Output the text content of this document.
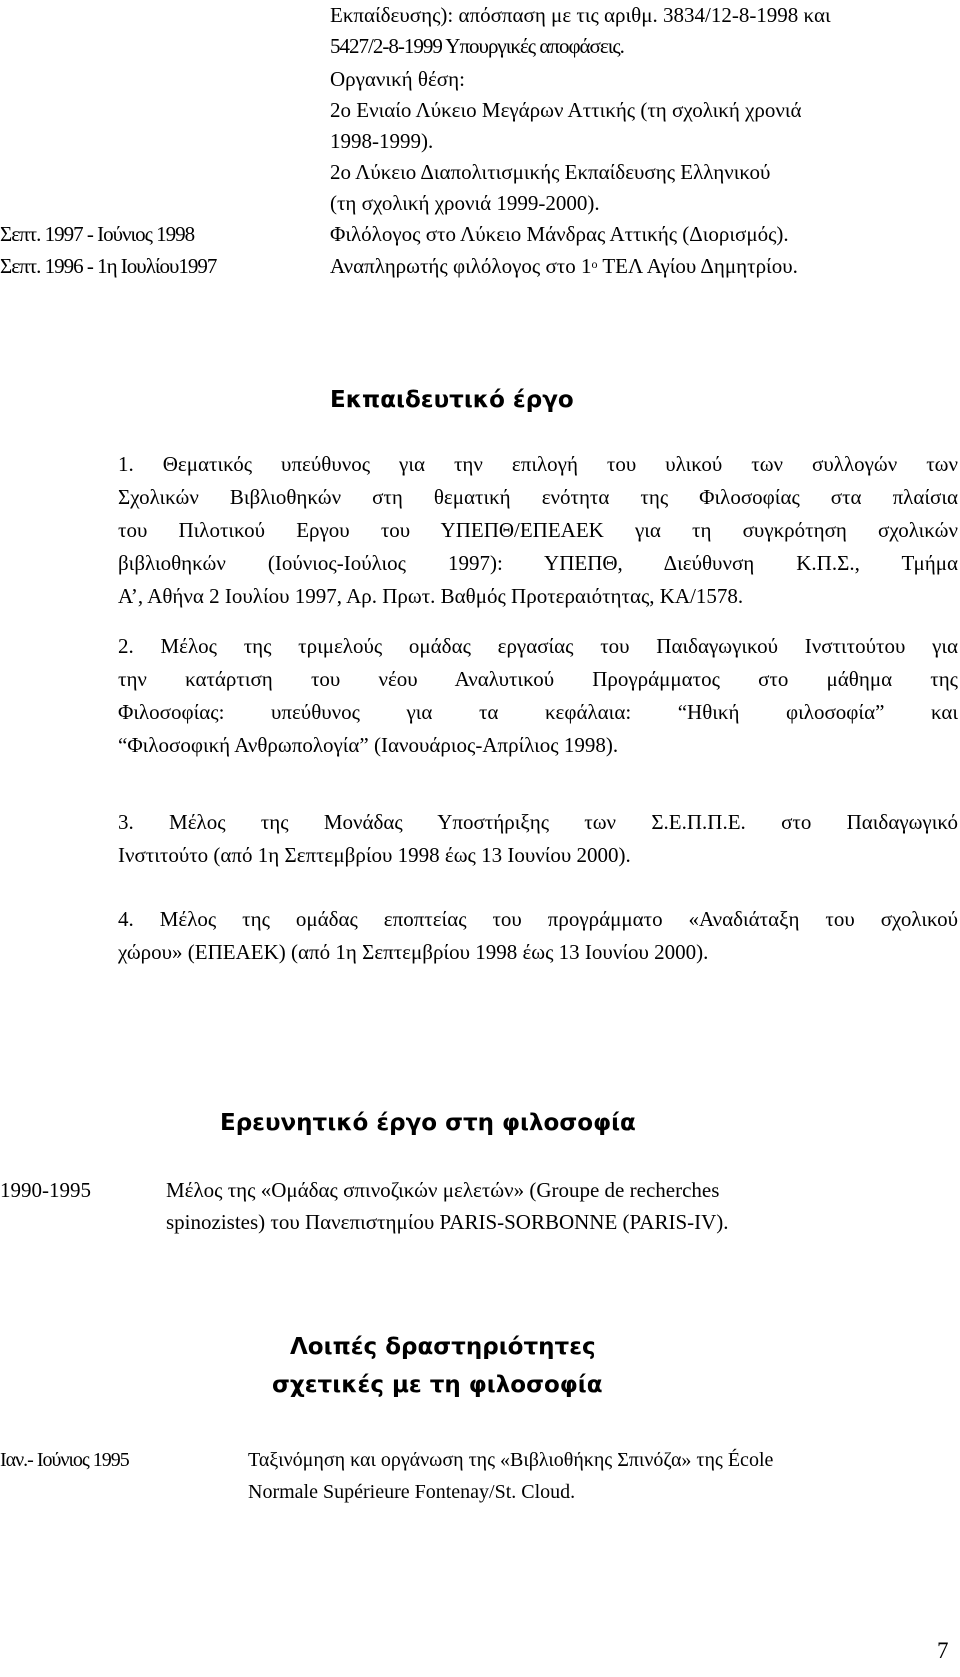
Εκπαίδευσης): απόσπαση με τις αριθμ. 3834/12-8-1998 και
5427/2-8-1999 Υπουργικές αποφάσεις.
Οργανική θέση:
2ο Ενιαίο Λύκειο Μεγάρων Αττικής (τη σχολική χρονιά
1998-1999).
2ο Λύκειο Διαπολιτισμικής Εκπαίδευσης Ελληνικού
(τη σχολική χρονιά 1999-2000).
Σεπτ. 1997 - Ιούνιος 1998	Φιλόλογος στο Λύκειο Μάνδρας Αττικής (Διορισμός).
Σεπτ. 1996 - 1η Ιουλίου1997	Αναπληρωτής φιλόλογος στο $1^o$ ΤΕΛ Αγίου Δημητρίου.
Εκπαιδευτικό έργο
1. Θεματικός υπεύθυνος για την επιλογή του υλικού των συλλογών των
Σχολικών Βιβλιοθηκών στη θεματική ενότητα της Φιλοσοφίας στα πλαίσια
του Πιλοτικού Εργου του ΥΠΕΠΘ/ΕΠΕΑΕΚ για τη συγκρότηση σχολικών
βιβλιοθηκών (Ιούνιος-Ιούλιος 1997): ΥΠΕΠΘ, Διεύθυνση Κ.Π.Σ., Τμήμα
Α’, Αθήνα 2 Ιουλίου 1997, Αρ. Πρωτ. Βαθμός Προτεραιότητας, ΚΑ/1578.
2. Μέλος της τριμελούς ομάδας εργασίας του Παιδαγωγικού Ινστιτούτου για
την κατάρτιση του νέου Αναλυτικού Προγράμματος στο μάθημα της
Φιλοσοφίας: υπεύθυνος για τα κεφάλαια: “Ηθική φιλοσοφία” και
“Φιλοσοφική Ανθρωπολογία” (Ιανουάριος-Απρίλιος 1998).
3. Μέλος της Μονάδας Υποστήριξης των Σ.Ε.Π.Π.Ε. στο Παιδαγωγικό
Ινστιτούτο (από 1η Σεπτεμβρίου 1998 έως 13 Ιουνίου 2000).
4. Μέλος της ομάδας εποπτείας του προγράμματο «Αναδιάταξη του σχολικού
χώρου» (ΕΠΕΑΕΚ) (από 1η Σεπτεμβρίου 1998 έως 13 Ιουνίου 2000).
Ερευνητικό έργο στη φιλοσοφία
1990-1995	Μέλος της «Ομάδας σπινοζικών μελετών» (Groupe de recherches
spinozistes) του Πανεπιστημίου PARIS-SORBONNE (PARIS-IV).
Λοιπές δραστηριότητες
σχετικές με τη φιλοσοφία
Ιαν.- Ιούνιος 1995	Ταξινόμηση και οργάνωση της «Βιβλιοθήκης Σπινόζα» της École
Normale Supérieure Fontenay/St. Cloud.
7
